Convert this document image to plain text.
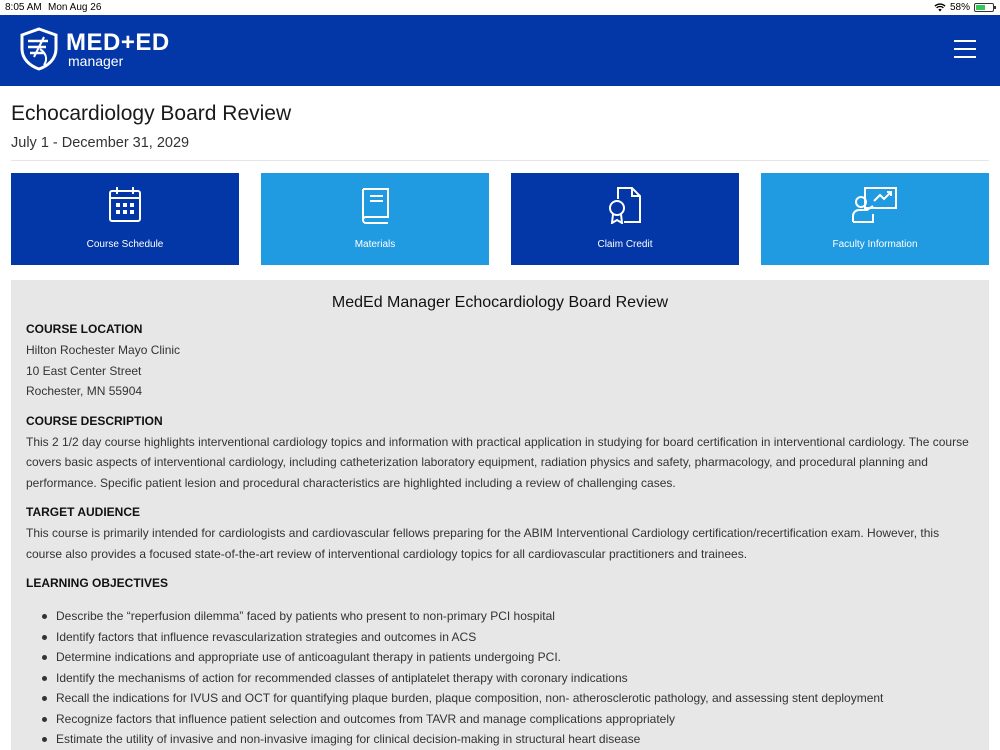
8:05 AM Mon Aug 26	58%
MED+ED
manager
Echocardiology Board Review
July 1 - December 31, 2029
Course Schedule	Materials	Claim Credit	Faculty Information
MedEd Manager Echocardiology Board Review
COURSE LOCATION
Hilton Rochester Mayo Clinic
10 East Center Street
Rochester, MN 55904
COURSE DESCRIPTION
This 2 1/2 day course highlights interventional cardiology topics and information with practical application in studying for board certification in interventional cardiology. The course covers basic aspects of interventional cardiology, including catheterization laboratory equipment, radiation physics and safety, pharmacology, and procedural planning and performance. Specific patient lesion and procedural characteristics are highlighted including a review of challenging cases.
TARGET AUDIENCE
This course is primarily intended for cardiologists and cardiovascular fellows preparing for the ABIM Interventional Cardiology certification/recertification exam. However, this course also provides a focused state-of-the-art review of interventional cardiology topics for all cardiovascular practitioners and trainees.
LEARNING OBJECTIVES
Describe the “reperfusion dilemma” faced by patients who present to non-primary PCI hospital
Identify factors that influence revascularization strategies and outcomes in ACS
Determine indications and appropriate use of anticoagulant therapy in patients undergoing PCI.
Identify the mechanisms of action for recommended classes of antiplatelet therapy with coronary indications
Recall the indications for IVUS and OCT for quantifying plaque burden, plaque composition, non- atherosclerotic pathology, and assessing stent deployment
Recognize factors that influence patient selection and outcomes from TAVR and manage complications appropriately
Estimate the utility of invasive and non-invasive imaging for clinical decision-making in structural heart disease
